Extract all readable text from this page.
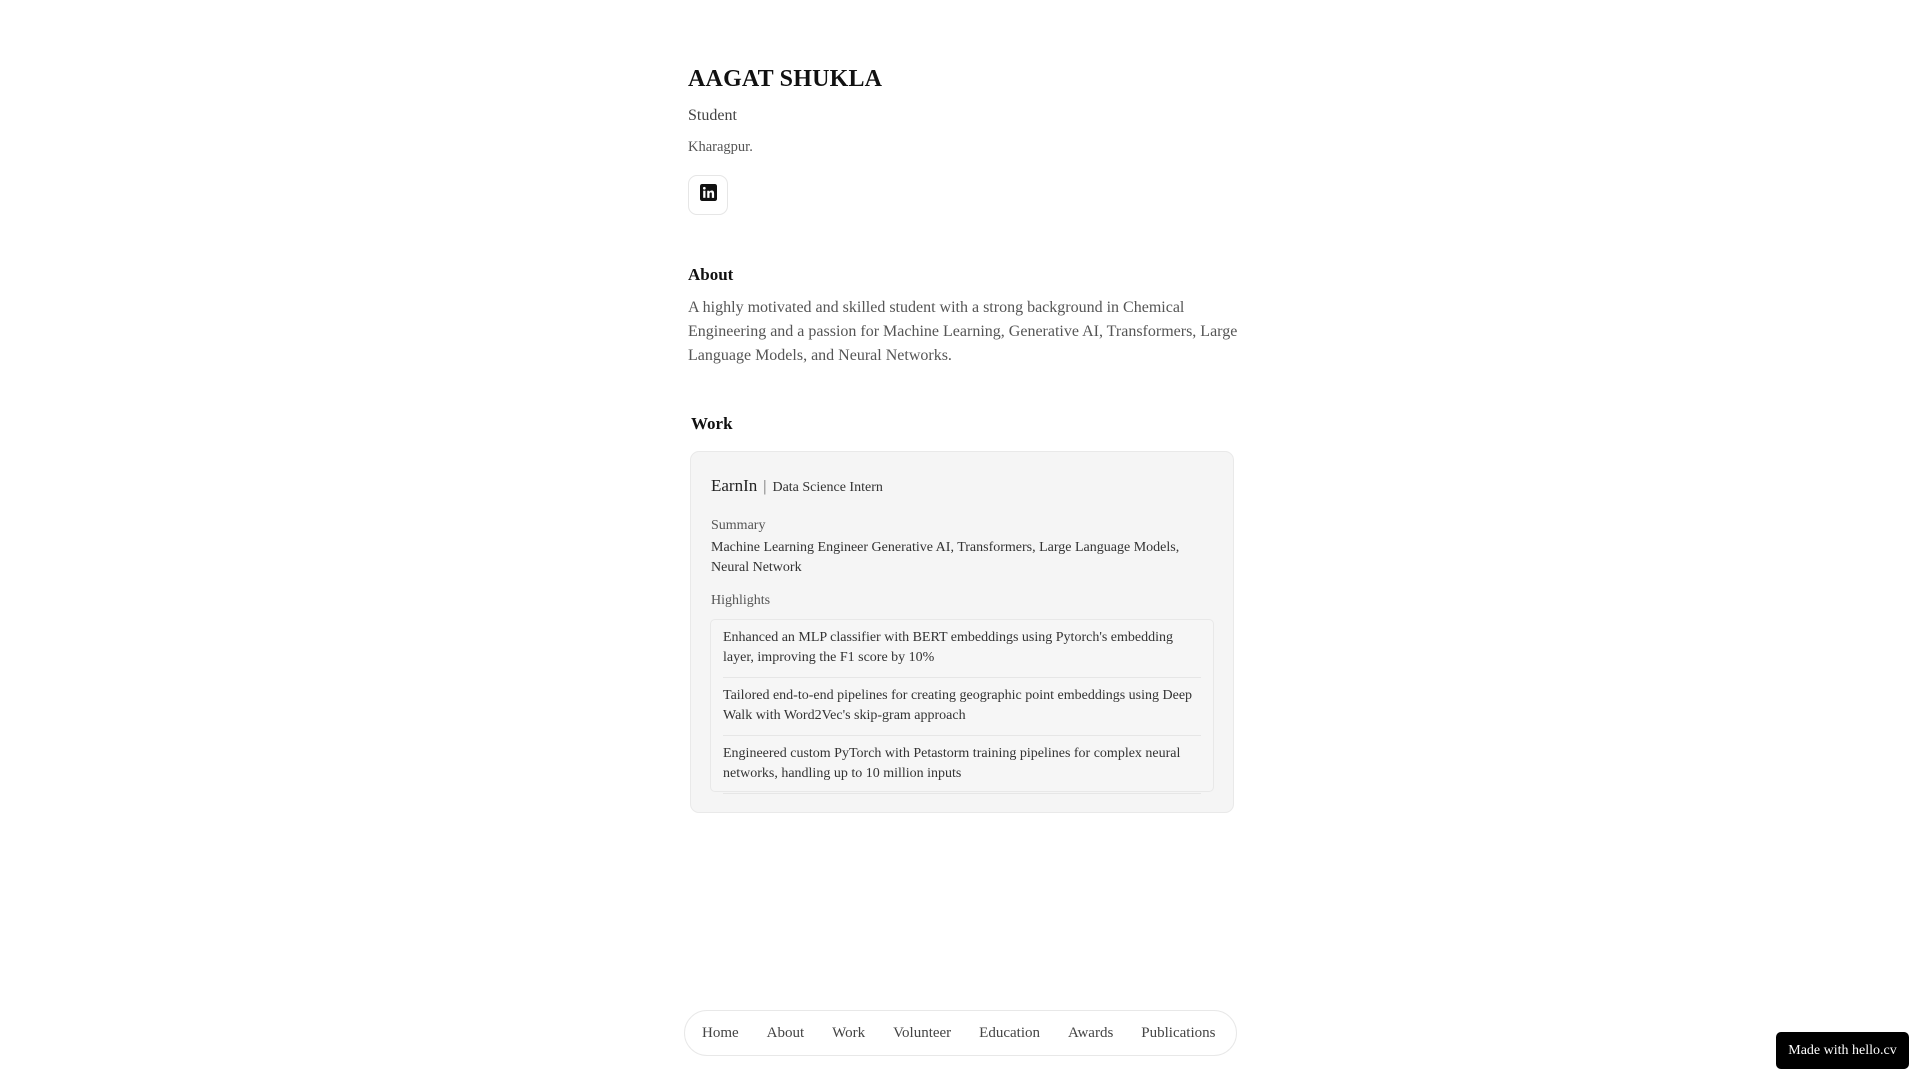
AAGAT SHUKLA
Student
Kharagpur.
About

A highly motivated and skilled student with a strong background in Chemical Engineering and a passion for Machine Learning, Generative AI, Transformers, Large Language Models, and Neural Networks.

Work
EarnIn | Data Science Intern
Summary
Machine Learning Engineer Generative AI, Transformers, Large Language Models, Neural Network
Highlights
Enhanced an MLP classifier with BERT embeddings using Pytorch's embedding layer, improving the F1 score by 10%
Tailored end-to-end pipelines for creating geographic point embeddings using Deep Walk with Word2Vec's skip-gram approach
Engineered custom PyTorch with Petastorm training pipelines for complex neural networks, handling up to 10 million inputs
Home About Work Volunteer Education Awards Publications
Made with hello.cv
